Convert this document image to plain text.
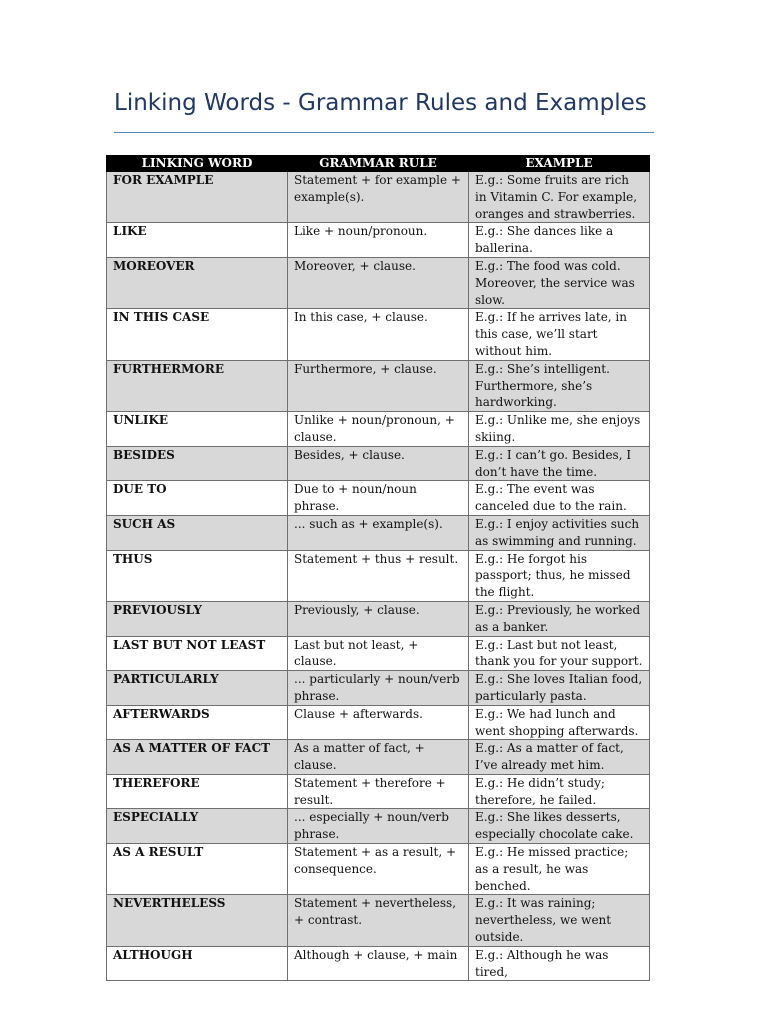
Linking Words - Grammar Rules and Examples
LINKING WORD	GRAMMAR RULE	EXAMPLE
FOR EXAMPLE	Statement + for example + example(s).	E.g.: Some fruits are rich in Vitamin C. For example, oranges and strawberries.
LIKE	Like + noun/pronoun.	E.g.: She dances like a ballerina.
MOREOVER	Moreover, + clause.	E.g.: The food was cold. Moreover, the service was slow.
IN THIS CASE	In this case, + clause.	E.g.: If he arrives late, in this case, we’ll start without him.
FURTHERMORE	Furthermore, + clause.	E.g.: She’s intelligent. Furthermore, she’s hardworking.
UNLIKE	Unlike + noun/pronoun, + clause.	E.g.: Unlike me, she enjoys skiing.
BESIDES	Besides, + clause.	E.g.: I can’t go. Besides, I don’t have the time.
DUE TO	Due to + noun/noun phrase.	E.g.: The event was canceled due to the rain.
SUCH AS	... such as + example(s).	E.g.: I enjoy activities such as swimming and running.
THUS	Statement + thus + result.	E.g.: He forgot his passport; thus, he missed the flight.
PREVIOUSLY	Previously, + clause.	E.g.: Previously, he worked as a banker.
LAST BUT NOT LEAST	Last but not least, + clause.	E.g.: Last but not least, thank you for your support.
PARTICULARLY	... particularly + noun/verb phrase.	E.g.: She loves Italian food, particularly pasta.
AFTERWARDS	Clause + afterwards.	E.g.: We had lunch and went shopping afterwards.
AS A MATTER OF FACT	As a matter of fact, + clause.	E.g.: As a matter of fact, I’ve already met him.
THEREFORE	Statement + therefore + result.	E.g.: He didn’t study; therefore, he failed.
ESPECIALLY	... especially + noun/verb phrase.	E.g.: She likes desserts, especially chocolate cake.
AS A RESULT	Statement + as a result, + consequence.	E.g.: He missed practice; as a result, he was benched.
NEVERTHELESS	Statement + nevertheless, + contrast.	E.g.: It was raining; nevertheless, we went outside.
ALTHOUGH	Although + clause, + main	E.g.: Although he was tired,
